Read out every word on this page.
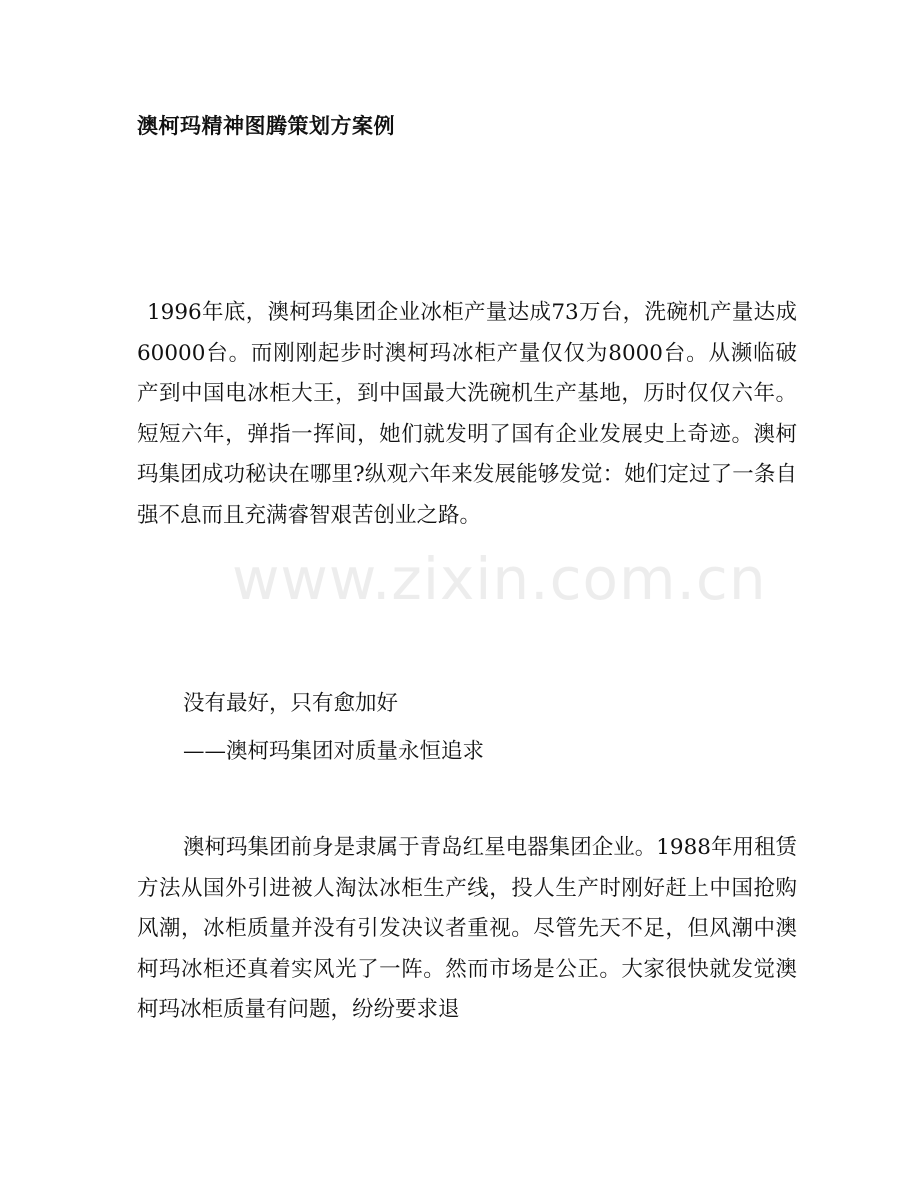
澳柯玛精神图腾策划方案例
1996年底，澳柯玛集团企业冰柜产量达成73万台，洗碗机产量达成60000台。而刚刚起步时澳柯玛冰柜产量仅仅为8000台。从濒临破产到中国电冰柜大王，到中国最大洗碗机生产基地，历时仅仅六年。短短六年，弹指一挥间，她们就发明了国有企业发展史上奇迹。澳柯玛集团成功秘诀在哪里?纵观六年来发展能够发觉：她们定过了一条自强不息而且充满睿智艰苦创业之路。
没有最好，只有愈加好
——澳柯玛集团对质量永恒追求
澳柯玛集团前身是隶属于青岛红星电器集团企业。1988年用租赁方法从国外引进被人淘汰冰柜生产线，投人生产时刚好赶上中国抢购风潮，冰柜质量并没有引发决议者重视。尽管先天不足，但风潮中澳柯玛冰柜还真着实风光了一阵。然而市场是公正。大家很快就发觉澳柯玛冰柜质量有问题，纷纷要求退
www.zixin.com.cn
